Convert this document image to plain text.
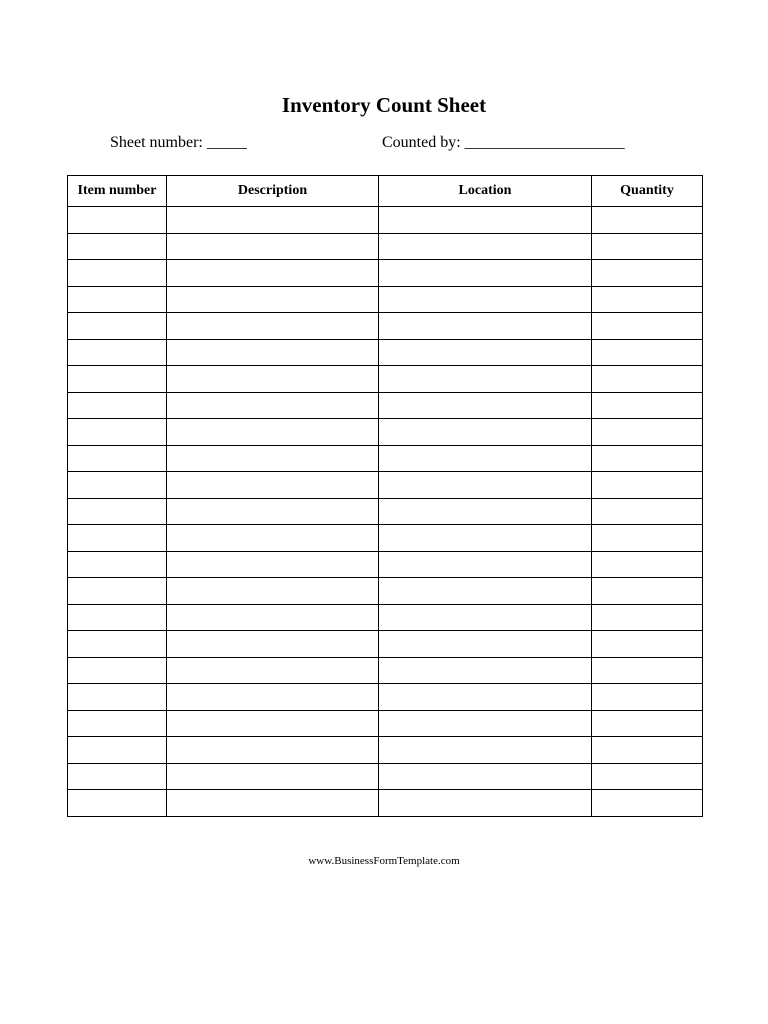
Inventory Count Sheet
Sheet number: _____	Counted by: ____________________
Item number	Description	Location	Quantity

www.BusinessFormTemplate.com
